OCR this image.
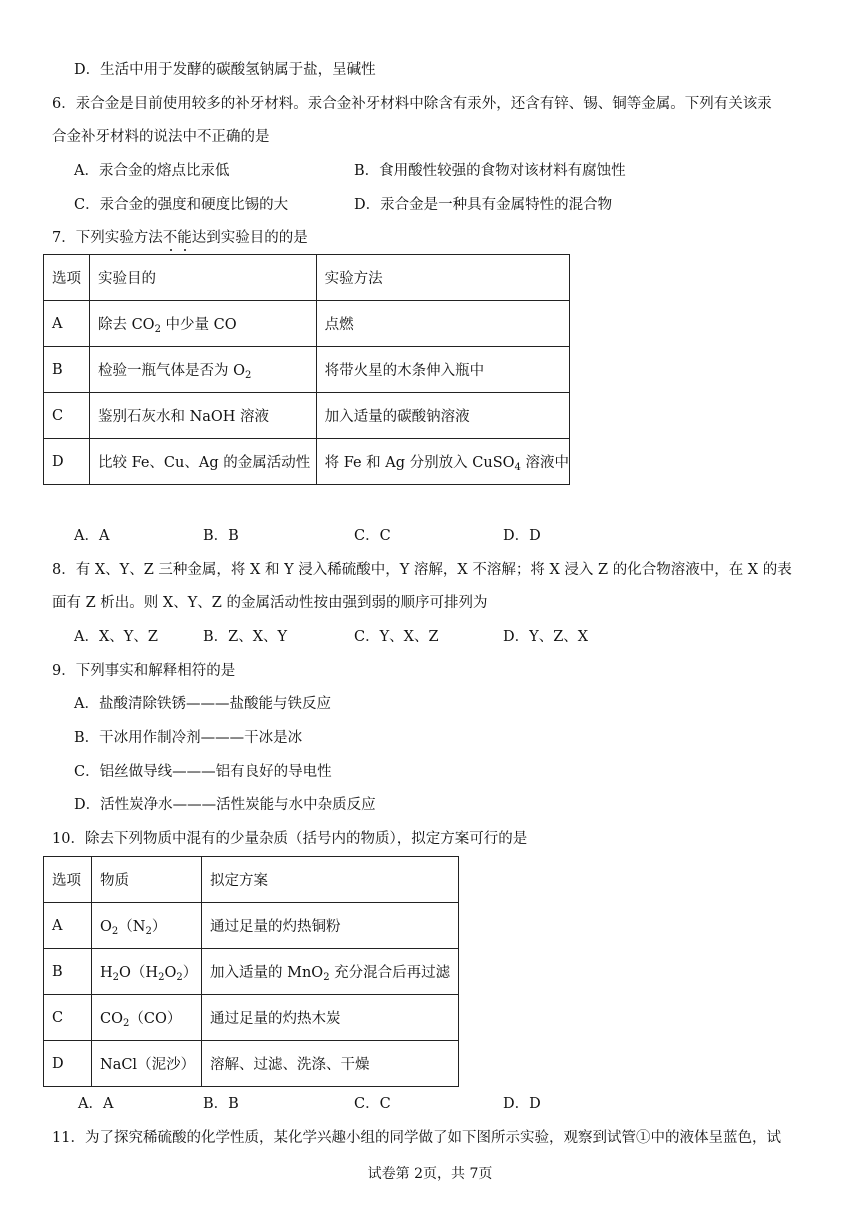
D．生活中用于发酵的碳酸氢钠属于盐，呈碱性
6．汞合金是目前使用较多的补牙材料。汞合金补牙材料中除含有汞外，还含有锌、锡、铜等金属。下列有关该汞
合金补牙材料的说法中不正确的是
A．汞合金的熔点比汞低	B．食用酸性较强的食物对该材料有腐蚀性
C．汞合金的强度和硬度比锡的大	D．汞合金是一种具有金属特性的混合物
7．下列实验方法不能达到实验目的的是
选项	实验目的	实验方法
A	除去 $CO_2$ 中少量 CO	点燃
B	检验一瓶气体是否为 $O_2$	将带火星的木条伸入瓶中
C	鉴别石灰水和 NaOH 溶液	加入适量的碳酸钠溶液
D	比较 Fe、Cu、Ag 的金属活动性	将 Fe 和 Ag 分别放入 CuSO$_4$ 溶液中
A．A	B．B	C．C	D．D
8．有 X、Y、Z 三种金属，将 X 和 Y 浸入稀硫酸中，Y 溶解，X 不溶解；将 X 浸入 Z 的化合物溶液中，在 X 的表
面有 Z 析出。则 X、Y、Z 的金属活动性按由强到弱的顺序可排列为
A．X、Y、Z	B．Z、X、Y	C．Y、X、Z	D．Y、Z、X
9．下列事实和解释相符的是
A．盐酸清除铁锈———盐酸能与铁反应
B．干冰用作制冷剂———干冰是冰
C．铝丝做导线———铝有良好的导电性
D．活性炭净水———活性炭能与水中杂质反应
10．除去下列物质中混有的少量杂质（括号内的物质），拟定方案可行的是
选项	物质	拟定方案
A	$O_2(N_2)$	通过足量的灼热铜粉
B	$H_2O(H_2O_2)$	加入适量的 MnO$_2$ 充分混合后再过滤
C	$CO_2(CO)$	通过足量的灼热木炭
D	NaCl（泥沙）	溶解、过滤、洗涤、干燥
A．A	B．B	C．C	D．D
11．为了探究稀硫酸的化学性质，某化学兴趣小组的同学做了如下图所示实验，观察到试管①中的液体呈蓝色，试
试卷第 2页，共 7页
